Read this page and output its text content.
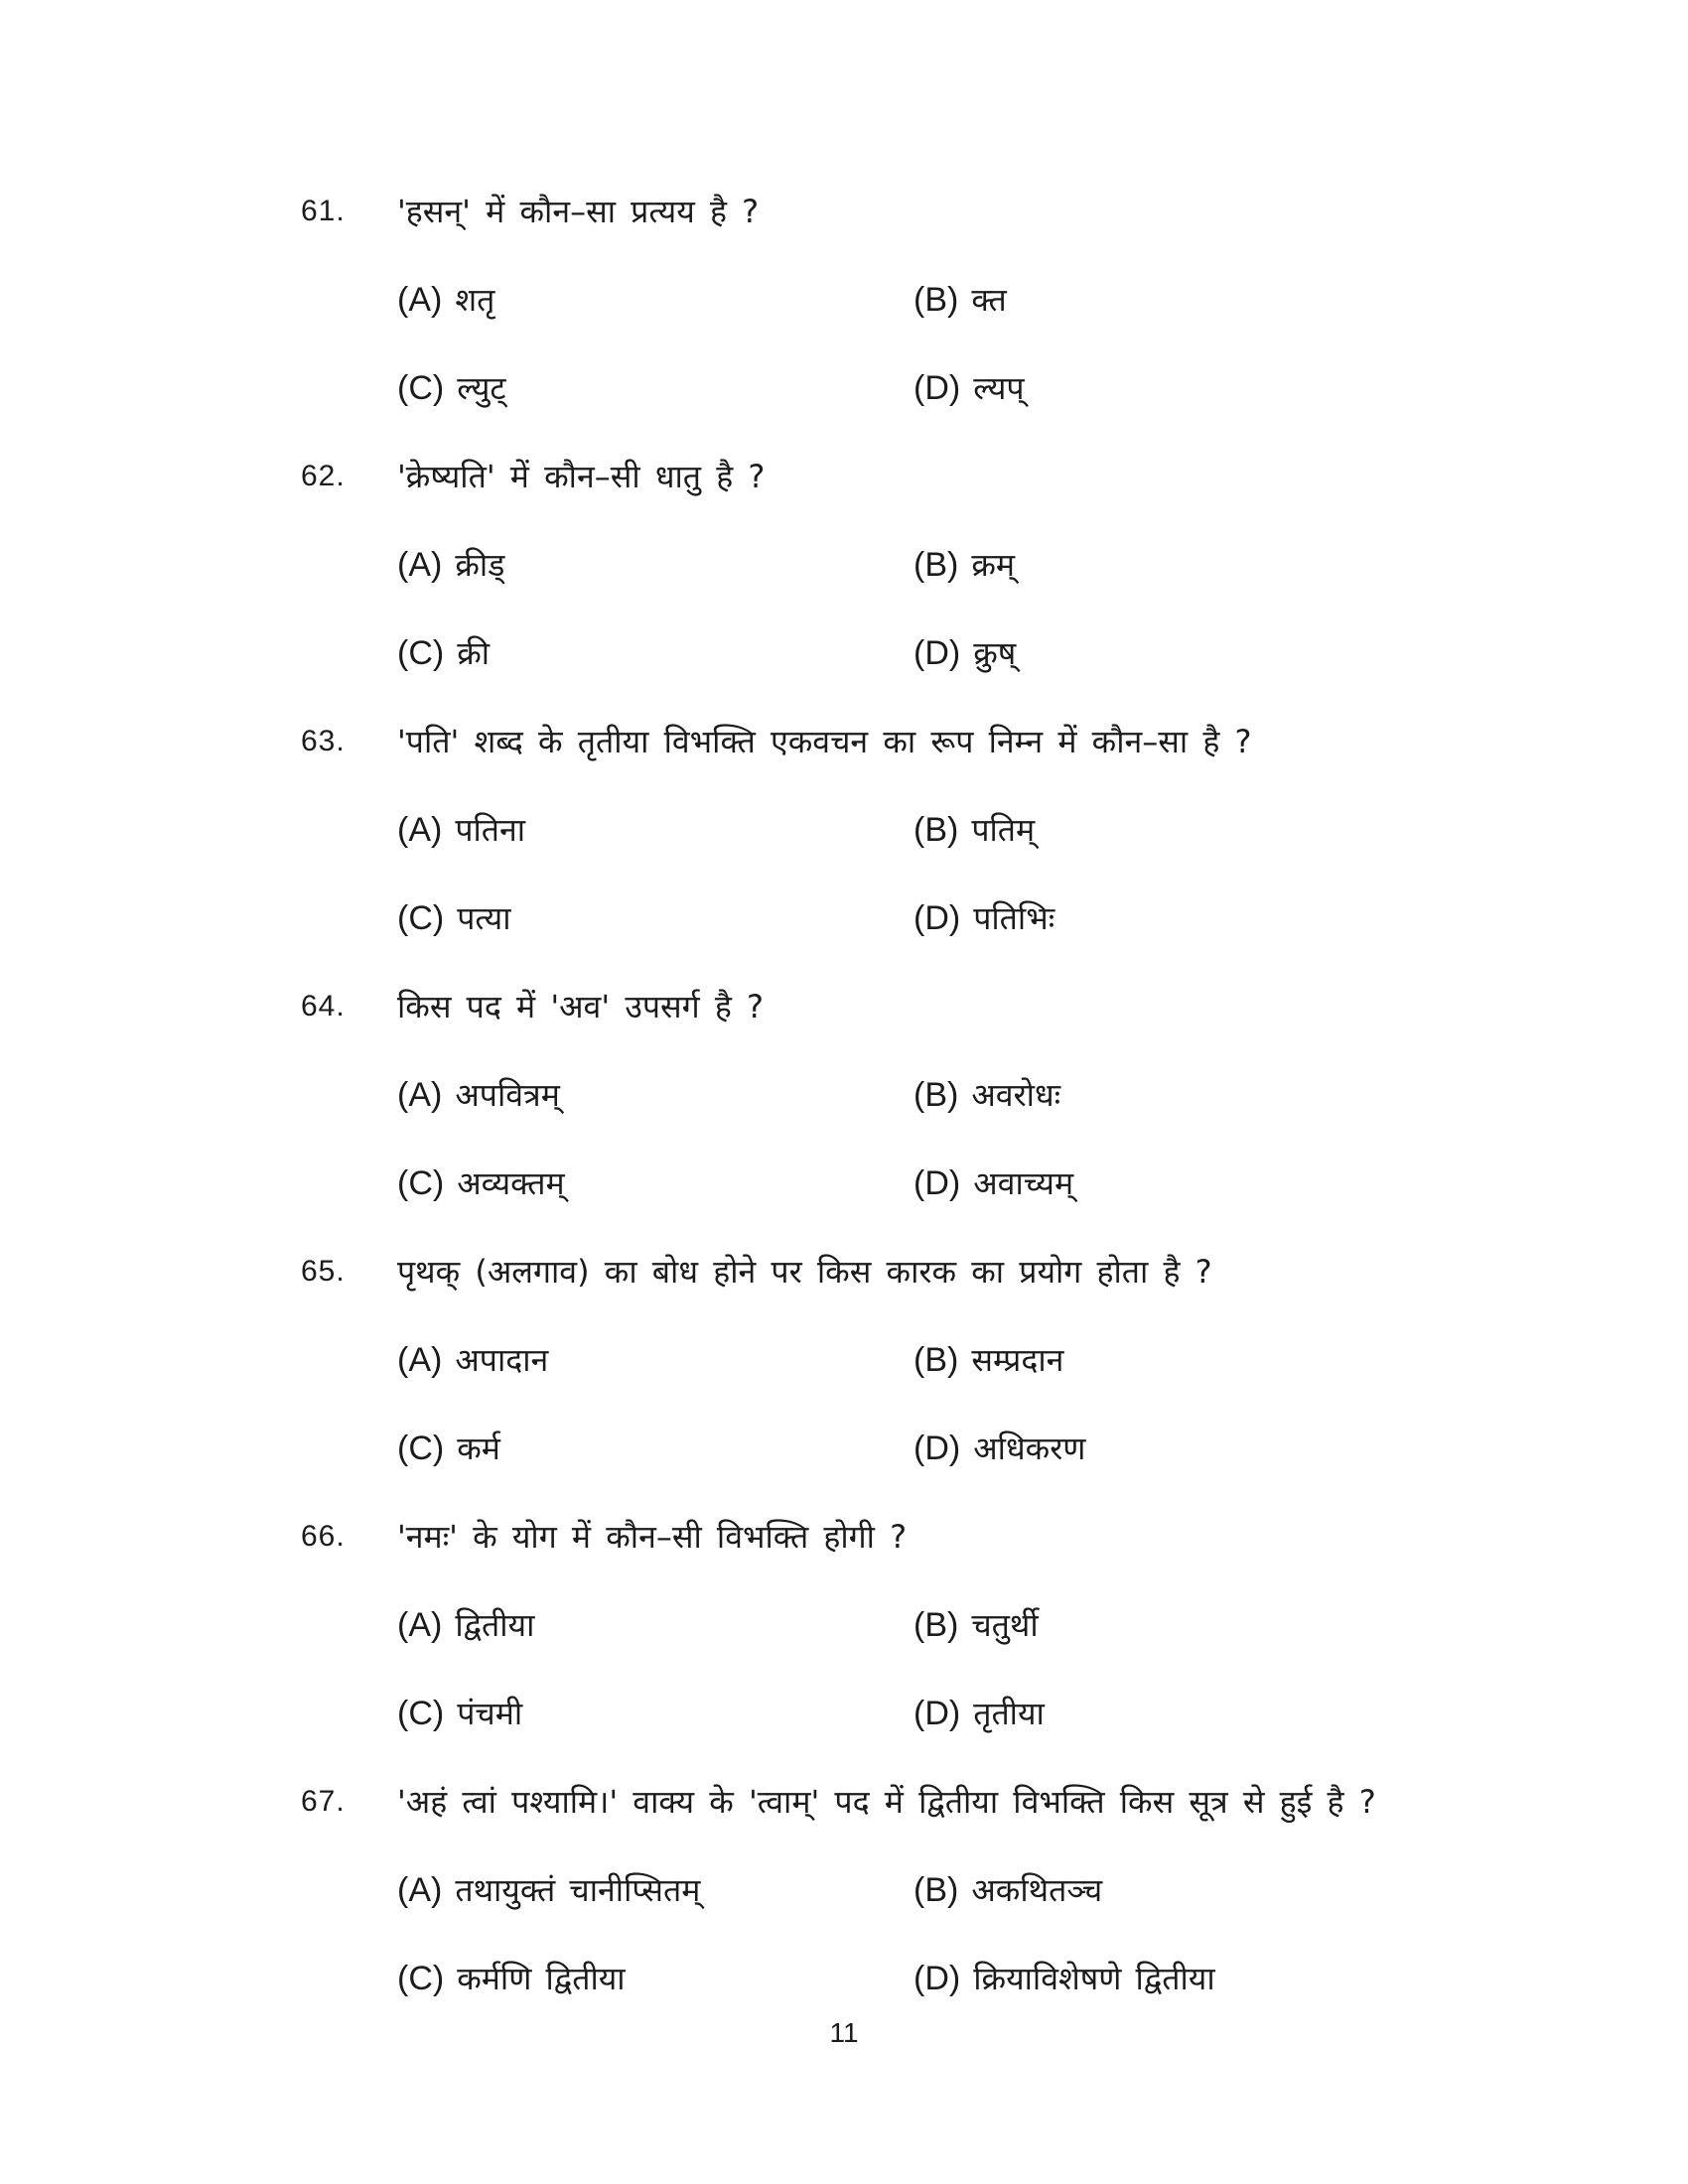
61.	'हसन्' में कौन–सा प्रत्यय है ?
(A) शतृ	(B) क्त
(C) ल्युट्	(D) ल्यप्
62.	'क्रेष्यति' में कौन–सी धातु है ?
(A) क्रीड्	(B) क्रम्
(C) क्री	(D) क्रुष्
63.	'पति' शब्द के तृतीया विभक्ति एकवचन का रूप निम्न में कौन–सा है ?
(A) पतिना	(B) पतिम्
(C) पत्या	(D) पतिभिः
64.	किस पद में 'अव' उपसर्ग है ?
(A) अपवित्रम्	(B) अवरोधः
(C) अव्यक्तम्	(D) अवाच्यम्
65.	पृथक् (अलगाव) का बोध होने पर किस कारक का प्रयोग होता है ?
(A) अपादान	(B) सम्प्रदान
(C) कर्म	(D) अधिकरण
66.	'नमः' के योग में कौन–सी विभक्ति होगी ?
(A) द्वितीया	(B) चतुर्थी
(C) पंचमी	(D) तृतीया
67.	'अहं त्वां पश्यामि।' वाक्य के 'त्वाम्' पद में द्वितीया विभक्ति किस सूत्र से हुई है ?
(A) तथायुक्तं चानीप्सितम्	(B) अकथितञ्च
(C) कर्मणि द्वितीया	(D) क्रियाविशेषणे द्वितीया
11
